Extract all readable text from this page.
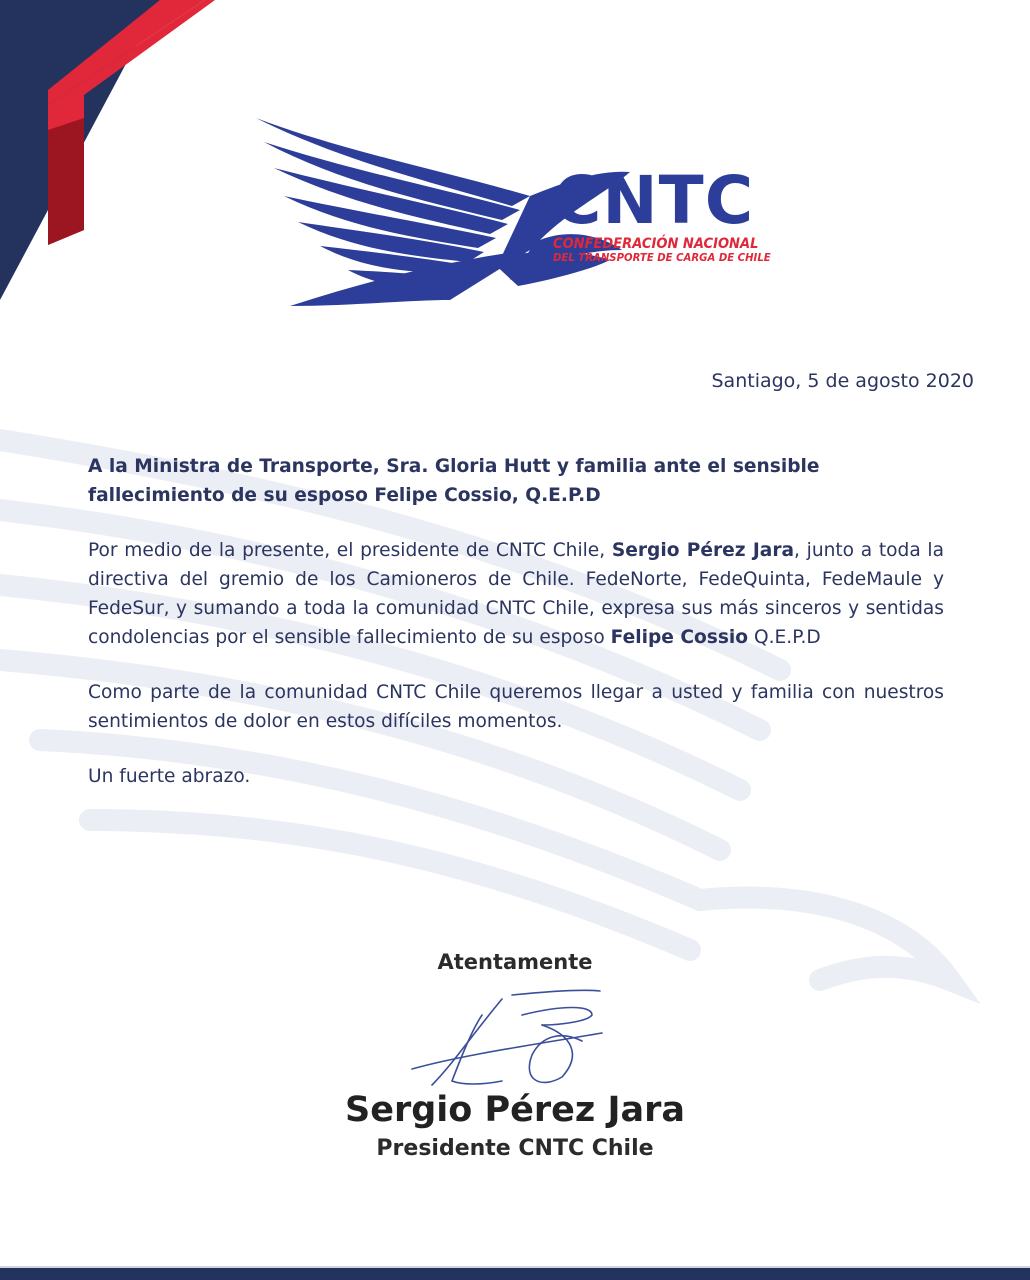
CNTC
CONFEDERACIÓN NACIONAL
DEL TRANSPORTE DE CARGA DE CHILE
Santiago, 5 de agosto 2020

A la Ministra de Transporte, Sra. Gloria Hutt y familia ante el sensible fallecimiento de su esposo Felipe Cossio, Q.E.P.D

Por medio de la presente, el presidente de CNTC Chile, Sergio Pérez Jara, junto a toda la directiva del gremio de los Camioneros de Chile. FedeNorte, FedeQuinta, FedeMaule y FedeSur, y sumando a toda la comunidad CNTC Chile, expresa sus más sinceros y sentidas condolencias por el sensible fallecimiento de su esposo Felipe Cossio Q.E.P.D

Como parte de la comunidad CNTC Chile queremos llegar a usted y familia con nuestros sentimientos de dolor en estos difíciles momentos.

Un fuerte abrazo.

Atentamente
Sergio Pérez Jara
Presidente CNTC Chile
